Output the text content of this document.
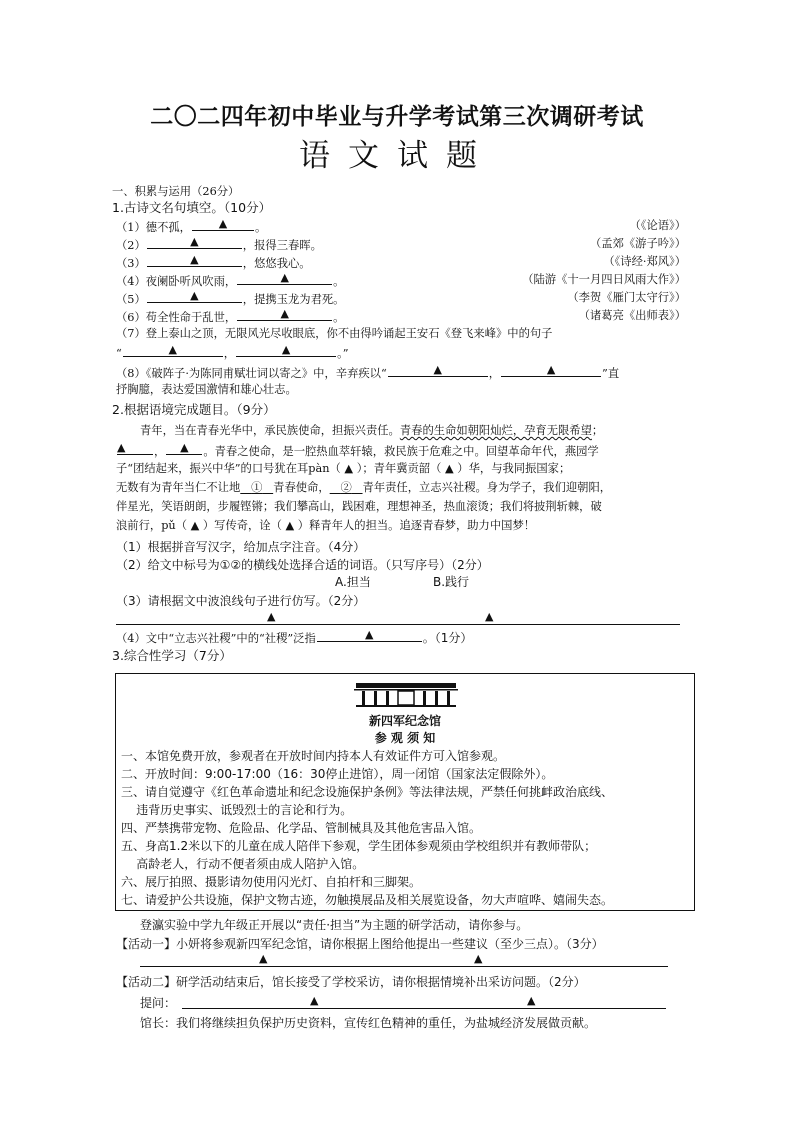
二〇二四年初中毕业与升学考试第三次调研考试
语文试题
一、积累与运用（26分）
1.古诗文名句填空。（10分）
（1）德不孤，	▲	。	（《论语》）
（2）	▲	，报得三春晖。	（孟郊《游子吟》）
（3）	▲	，悠悠我心。	（《诗经·郑风》）
（4）夜阑卧听风吹雨，	▲	。	（陆游《十一月四日风雨大作》）
（5）	▲	，提携玉龙为君死。	（李贺《雁门太守行》）
（6）苟全性命于乱世，	▲	。	（诸葛亮《出师表》）
（7）登上泰山之顶，无限风光尽收眼底，你不由得吟诵起王安石《登飞来峰》中的句子
“	▲	，	▲	。”
（8）《破阵子·为陈同甫赋壮词以寄之》中，辛弃疾以“	▲	，	▲	”直
抒胸臆，表达爱国激情和雄心壮志。
2.根据语境完成题目。（9分）
青年，当在青春光华中，承民族使命，担振兴责任。青春的生命如朝阳灿烂，孕育无限希望；
▲	，	▲	。青春之使命，是一腔热血萃轩辕，救民族于危难之中。回望革命年代，燕园学
子“团结起来，振兴中华”的口号犹在耳pàn（ ▲ ）；青年冀贡韶（ ▲ ）华，与我同振国家；
无数有为青年当仁不让地 ① 青春使命， ② 青年责任，立志兴社稷。身为学子，我们迎朝阳，
伴星光，笑语朗朗，步履铿锵；我们攀高山，践困难，理想神圣，热血滚烫；我们将披荆斩棘，破
浪前行，pǔ（ ▲ ）写传奇，诠（ ▲ ）释青年人的担当。追逐青春梦，助力中国梦！
（1）根据拼音写汉字，给加点字注音。（4分）
（2）给文中标号为①②的横线处选择合适的词语。（只写序号）（2分）
A.担当	B.践行
（3）请根据文中波浪线句子进行仿写。（2分）
▲	▲
（4）文中“立志兴社稷”中的“社稷”泛指	▲	。（1分）
3.综合性学习（7分）
新四军纪念馆
参 观 须 知
一、本馆免费开放，参观者在开放时间内持本人有效证件方可入馆参观。
二、开放时间：9:00-17:00（16：30停止进馆），周一闭馆（国家法定假除外）。
三、请自觉遵守《红色革命遗址和纪念设施保护条例》等法律法规，严禁任何挑衅政治底线、
违背历史事实、诋毁烈士的言论和行为。
四、严禁携带宠物、危险品、化学品、管制械具及其他危害品入馆。
五、身高1.2米以下的儿童在成人陪伴下参观，学生团体参观须由学校组织并有教师带队；
高龄老人，行动不便者须由成人陪护入馆。
六、展厅拍照、摄影请勿使用闪光灯、自拍杆和三脚架。
七、请爱护公共设施，保护文物古迹，勿触摸展品及相关展览设备，勿大声喧哗、嬉闹失态。
登瀛实验中学九年级正开展以“责任·担当”为主题的研学活动，请你参与。
【活动一】小妍将参观新四军纪念馆，请你根据上图给他提出一些建议（至少三点）。（3分）
▲	▲
【活动二】研学活动结束后，馆长接受了学校采访，请你根据情境补出采访问题。（2分）
提问：	▲	▲
馆长：我们将继续担负保护历史资料，宣传红色精神的重任，为盐城经济发展做贡献。
